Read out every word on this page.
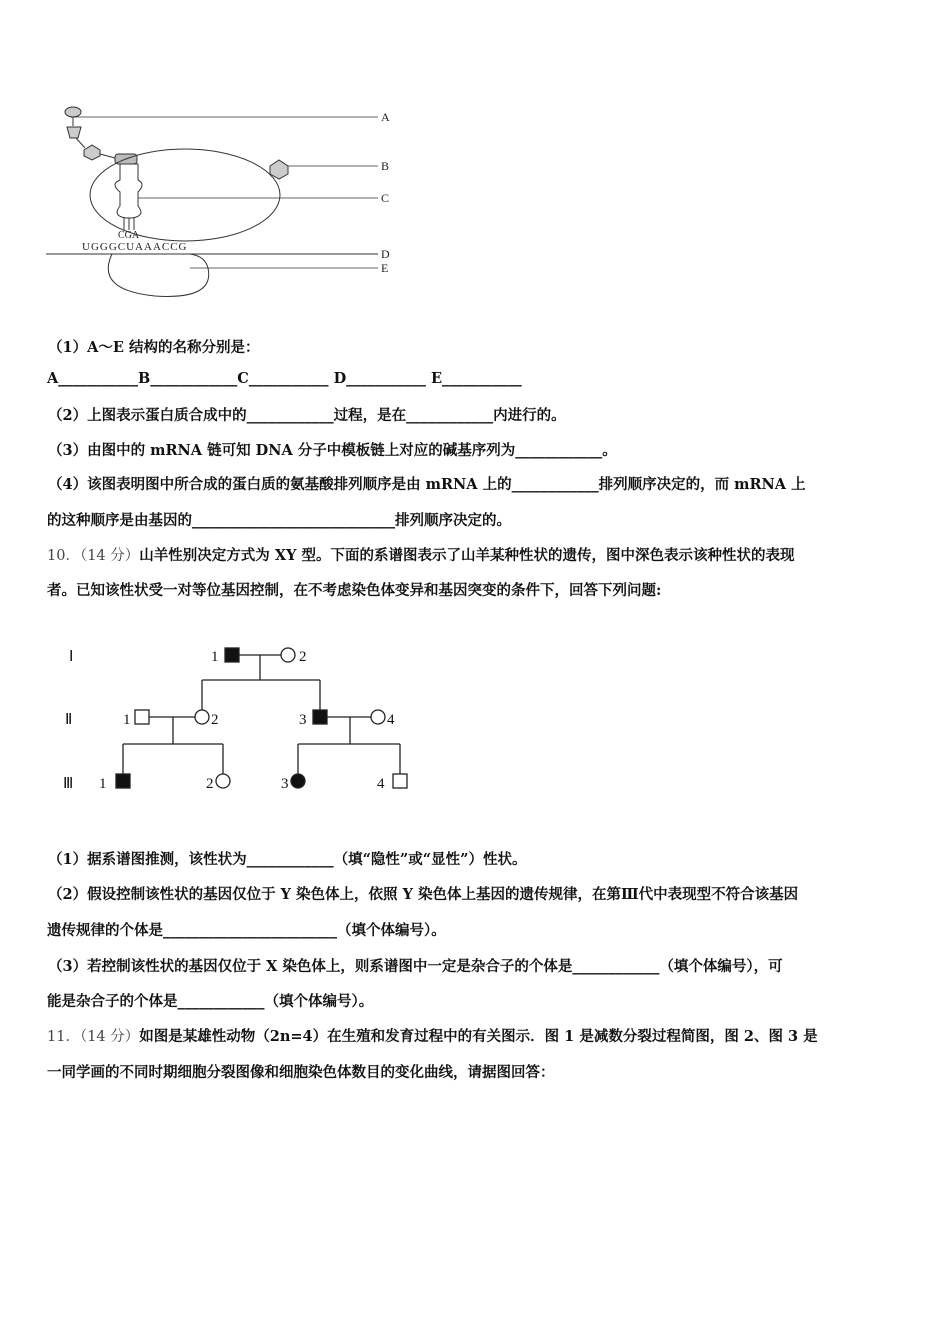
CGA
UGGGCUAAACCG
A
B
C
D
E
（1）A～E 结构的名称分别是：
A___________B____________C___________ D___________ E___________
（2）上图表示蛋白质合成中的____________过程，是在____________内进行的。
（3）由图中的 mRNA 链可知 DNA 分子中模板链上对应的碱基序列为____________。
（4）该图表明图中所合成的蛋白质的氨基酸排列顺序是由 mRNA 上的____________排列顺序决定的，而 mRNA 上
的这种顺序是由基因的____________________________排列顺序决定的。
10．（14 分）山羊性别决定方式为 XY 型。下面的系谱图表示了山羊某种性状的遗传，图中深色表示该种性状的表现
者。已知该性状受一对等位基因控制，在不考虑染色体变异和基因突变的条件下，回答下列问题:
Ⅰ
Ⅱ
Ⅲ
1	2
1	2	3	4
1	2	3	4
（1）据系谱图推测，该性状为____________（填“隐性”或“显性”）性状。
（2）假设控制该性状的基因仅位于 Y 染色体上，依照 Y 染色体上基因的遗传规律，在第Ⅲ代中表现型不符合该基因
遗传规律的个体是________________________（填个体编号）。
（3）若控制该性状的基因仅位于 X 染色体上，则系谱图中一定是杂合子的个体是____________（填个体编号），可
能是杂合子的个体是____________（填个体编号）。
11．（14 分）如图是某雄性动物（2n=4）在生殖和发育过程中的有关图示．图 1 是减数分裂过程简图，图 2、图 3 是
一同学画的不同时期细胞分裂图像和细胞染色体数目的变化曲线，请据图回答：
